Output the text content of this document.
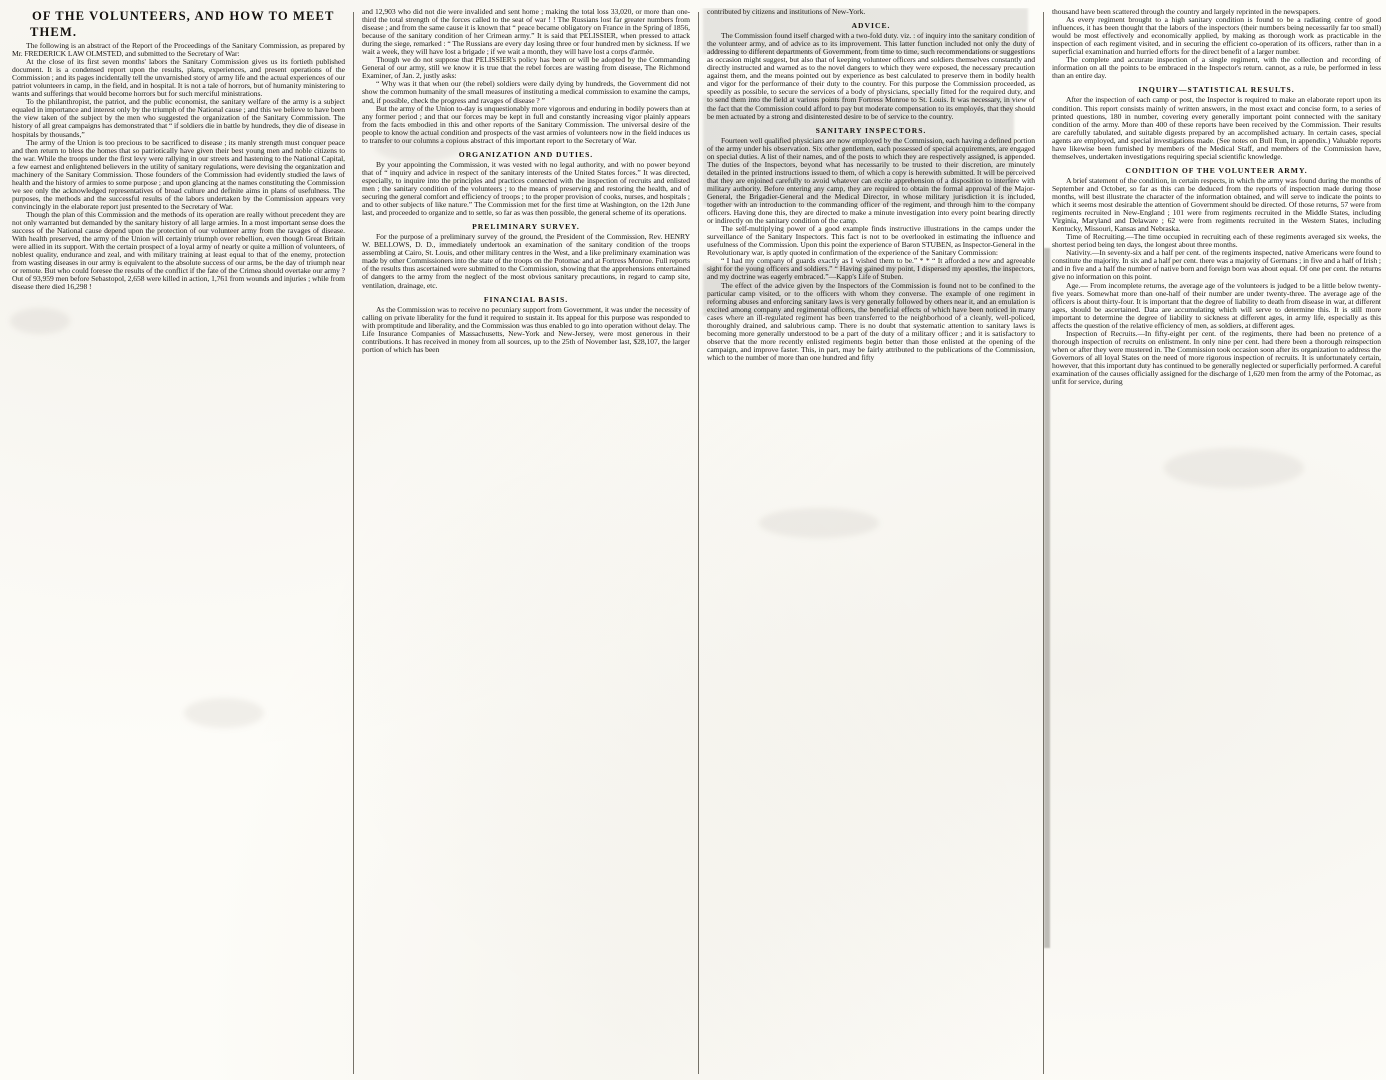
OF THE VOLUNTEERS, AND HOW TO MEET
THEM.

The following is an abstract of the Report of the Proceedings of the Sanitary Commission, as prepared by Mr. FREDERICK LAW OLMSTED, and submitted to the Secretary of War:

At the close of its first seven months' labors the Sanitary Commission gives us its fortieth published document. It is a condensed report upon the results, plans, experiences, and present operations of the Commission ; and its pages incidentally tell the unvarnished story of army life and the actual experiences of our patriot volunteers in camp, in the field, and in hospital. It is not a tale of horrors, but of humanity ministering to wants and sufferings that would become horrors but for such merciful ministrations.

To the philanthropist, the patriot, and the public economist, the sanitary welfare of the army is a subject equaled in importance and interest only by the triumph of the National cause ; and this we believe to have been the view taken of the subject by the men who suggested the organization of the Sanitary Commission. The history of all great campaigns has demonstrated that “ if soldiers die in battle by hundreds, they die of disease in hospitals by thousands,”

The army of the Union is too precious to be sacrificed to disease ; its manly strength must conquer peace and then return to bless the homes that so patriotically have given their best young men and noble citizens to the war. While the troops under the first levy were rallying in our streets and hastening to the National Capital, a few earnest and enlightened believers in the utility of sanitary regulations, were devising the organization and machinery of the Sanitary Commission. Those founders of the Commission had evidently studied the laws of health and the history of armies to some purpose ; and upon glancing at the names constituting the Commission we see only the acknowledged representatives of broad culture and definite aims in plans of usefulness. The purposes, the methods and the successful results of the labors undertaken by the Commission appears very convincingly in the elaborate report just presented to the Secretary of War.

Though the plan of this Commission and the methods of its operation are really without precedent they are not only warranted but demanded by the sanitary history of all large armies. In a most important sense does the success of the National cause depend upon the protection of our volunteer army from the ravages of disease. With health preserved, the army of the Union will certainly triumph over rebellion, even though Great Britain were allied in its support. With the certain prospect of a loyal army of nearly or quite a million of volunteers, of noblest quality, endurance and zeal, and with military training at least equal to that of the enemy, protection from wasting diseases in our army is equivalent to the absolute success of our arms, be the day of triumph near or remote. But who could foresee the results of the conflict if the fate of the Crimea should overtake our army ? Out of 93,959 men before Sebastopol, 2,658 were killed in action, 1,761 from wounds and injuries ; while from disease there died 16,298 !

and 12,903 who did not die were invalided and sent home ; making the total loss 33,020, or more than one-third the total strength of the forces called to the seat of war ! ! The Russians lost far greater numbers from disease ; and from the same cause it is known that “ peace became obligatory on France in the Spring of 1856, because of the sanitary condition of her Crimean army.” It is said that PELISSIER, when pressed to attack during the siege, remarked : “ The Russians are every day losing three or four hundred men by sickness. If we wait a week, they will have lost a brigade ; if we wait a month, they will have lost a corps d'armée.

Though we do not suppose that PELISSIER's policy has been or will be adopted by the Commanding General of our army, still we know it is true that the rebel forces are wasting from disease, The Richmond Examiner, of Jan. 2, justly asks:

“ Why was it that when our (the rebel) soldiers were daily dying by hundreds, the Government did not show the common humanity of the small measures of instituting a medical commission to examine the camps, and, if possible, check the progress and ravages of disease ? ”

But the army of the Union to-day is unquestionably more vigorous and enduring in bodily powers than at any former period ; and that our forces may be kept in full and constantly increasing vigor plainly appears from the facts embodied in this and other reports of the Sanitary Commission. The universal desire of the people to know the actual condition and prospects of the vast armies of volunteers now in the field induces us to transfer to our columns a copious abstract of this important report to the Secretary of War.

ORGANIZATION AND DUTIES.

By your appointing the Commission, it was vested with no legal authority, and with no power beyond that of “ inquiry and advice in respect of the sanitary interests of the United States forces.” It was directed, especially, to inquire into the principles and practices connected with the inspection of recruits and enlisted men ; the sanitary condition of the volunteers ; to the means of preserving and restoring the health, and of securing the general comfort and efficiency of troops ; to the proper provision of cooks, nurses, and hospitals ; and to other subjects of like nature.” The Commission met for the first time at Washington, on the 12th June last, and proceeded to organize and to settle, so far as was then possible, the general scheme of its operations.

PRELIMINARY SURVEY.

For the purpose of a preliminary survey of the ground, the President of the Commission, Rev. HENRY W. BELLOWS, D. D., immediately undertook an examination of the sanitary condition of the troops assembling at Cairo, St. Louis, and other military centres in the West, and a like preliminary examination was made by other Commissioners into the state of the troops on the Potomac and at Fortress Monroe. Full reports of the results thus ascertained were submitted to the Commission, showing that the apprehensions entertained of dangers to the army from the neglect of the most obvious sanitary precautions, in regard to camp site, ventilation, drainage, etc.

FINANCIAL BASIS.

As the Commission was to receive no pecuniary support from Government, it was under the necessity of calling on private liberality for the fund it required to sustain it. Its appeal for this purpose was responded to with promptitude and liberality, and the Commission was thus enabled to go into operation without delay. The Life Insurance Companies of Massachusetts, New-York and New-Jersey, were most generous in their contributions. It has received in money from all sources, up to the 25th of November last, $28,107, the larger portion of which has been

contributed by citizens and institutions of New-York.

ADVICE.

The Commission found itself charged with a two-fold duty. viz. : of inquiry into the sanitary condition of the volunteer army, and of advice as to its improvement. This latter function included not only the duty of addressing to different departments of Government, from time to time, such recommendations or suggestions as occasion might suggest, but also that of keeping volunteer officers and soldiers themselves constantly and directly instructed and warned as to the novel dangers to which they were exposed, the necessary precaution against them, and the means pointed out by experience as best calculated to preserve them in bodily health and vigor for the performance of their duty to the country. For this purpose the Commission proceeded, as speedily as possible, to secure the services of a body of physicians, specially fitted for the required duty, and to send them into the field at various points from Fortress Monroe to St. Louis. It was necessary, in view of the fact that the Commission could afford to pay but moderate compensation to its employés, that they should be men actuated by a strong and disinterested desire to be of service to the country.

SANITARY INSPECTORS.

Fourteen well qualified physicians are now employed by the Commission, each having a defined portion of the army under his observation. Six other gentlemen, each possessed of special acquirements, are engaged on special duties. A list of their names, and of the posts to which they are respectively assigned, is appended. The duties of the Inspectors, beyond what has necessarily to be trusted to their discretion, are minutely detailed in the printed instructions issued to them, of which a copy is herewith submitted. It will be perceived that they are enjoined carefully to avoid whatever can excite apprehension of a disposition to interfere with military authority. Before entering any camp, they are required to obtain the formal approval of the Major-General, the Brigadier-General and the Medical Director, in whose military jurisdiction it is included, together with an introduction to the commanding officer of the regiment, and through him to the company officers. Having done this, they are directed to make a minute investigation into every point bearing directly or indirectly on the sanitary condition of the camp.

The self-multiplying power of a good example finds instructive illustrations in the camps under the surveillance of the Sanitary Inspectors. This fact is not to be overlooked in estimating the influence and usefulness of the Commission. Upon this point the experience of Baron STUBEN, as Inspector-General in the Revolutionary war, is aptly quoted in confirmation of the experience of the Sanitary Commission:

“ I had my company of guards exactly as I wished them to be.” * * “ It afforded a new and agreeable sight for the young officers and soldiers.” “ Having gained my point, I dispersed my apostles, the inspectors, and my doctrine was eagerly embraced.”—Kapp's Life of Stuben.

The effect of the advice given by the Inspectors of the Commission is found not to be confined to the particular camp visited, or to the officers with whom they converse. The example of one regiment in reforming abuses and enforcing sanitary laws is very generally followed by others near it, and an emulation is excited among company and regimental officers, the beneficial effects of which have been noticed in many cases where an ill-regulated regiment has been transferred to the neighborhood of a cleanly, well-policed, thoroughly drained, and salubrious camp. There is no doubt that systematic attention to sanitary laws is becoming more generally understood to be a part of the duty of a military officer ; and it is satisfactory to observe that the more recently enlisted regiments begin better than those enlisted at the opening of the campaign, and improve faster. This, in part, may be fairly attributed to the publications of the Commission, which to the number of more than one hundred and fifty

thousand have been scattered through the country and largely reprinted in the newspapers.

As every regiment brought to a high sanitary condition is found to be a radiating centre of good influences, it has been thought that the labors of the inspectors (their numbers being necessarily far too small) would be most effectively and economically applied, by making as thorough work as practicable in the inspection of each regiment visited, and in securing the efficient co-operation of its officers, rather than in a superficial examination and hurried efforts for the direct benefit of a larger number.

The complete and accurate inspection of a single regiment, with the collection and recording of information on all the points to be embraced in the Inspector's return. cannot, as a rule, be performed in less than an entire day.

INQUIRY—STATISTICAL RESULTS.

After the inspection of each camp or post, the Inspector is required to make an elaborate report upon its condition. This report consists mainly of written answers, in the most exact and concise form, to a series of printed questions, 180 in number, covering every generally important point connected with the sanitary condition of the army. More than 400 of these reports have been received by the Commission. Their results are carefully tabulated, and suitable digests prepared by an accomplished actuary. In certain cases, special agents are employed, and special investigations made. (See notes on Bull Run, in appendix.) Valuable reports have likewise been furnished by members of the Medical Staff, and members of the Commission have, themselves, undertaken investigations requiring special scientific knowledge.

CONDITION OF THE VOLUNTEER ARMY.

A brief statement of the condition, in certain respects, in which the army was found during the months of September and October, so far as this can be deduced from the reports of inspection made during those months, will best illustrate the character of the information obtained, and will serve to indicate the points to which it seems most desirable the attention of Government should be directed. Of those returns, 57 were from regiments recruited in New-England ; 101 were from regiments recruited in the Middle States, including Virginia, Maryland and Delaware ; 62 were from regiments recruited in the Western States, including Kentucky, Missouri, Kansas and Nebraska.

Time of Recruiting.—The time occupied in recruiting each of these regiments averaged six weeks, the shortest period being ten days, the longest about three months.

Nativity.—In seventy-six and a half per cent. of the regiments inspected, native Americans were found to constitute the majority. In six and a half per cent. there was a majority of Germans ; in five and a half of Irish ; and in five and a half the number of native born and foreign born was about equal. Of one per cent. the returns give no information on this point.

Age.— From incomplete returns, the average age of the volunteers is judged to be a little below twenty-five years. Somewhat more than one-half of their number are under twenty-three. The average age of the officers is about thirty-four. It is important that the degree of liability to death from disease in war, at different ages, should be ascertained. Data are accumulating which will serve to determine this. It is still more important to determine the degree of liability to sickness at different ages, in army life, especially as this affects the question of the relative efficiency of men, as soldiers, at different ages.

Inspection of Recruits.—In fifty-eight per cent. of the regiments, there had been no pretence of a thorough inspection of recruits on enlistment. In only nine per cent. had there been a thorough reinspection when or after they were mustered in. The Commission took occasion soon after its organization to address the Governors of all loyal States on the need of more rigorous inspection of recruits. It is unfortunately certain, however, that this important duty has continued to be generally neglected or superficially performed. A careful examination of the causes officially assigned for the discharge of 1,620 men from the army of the Potomac, as unfit for service, during
